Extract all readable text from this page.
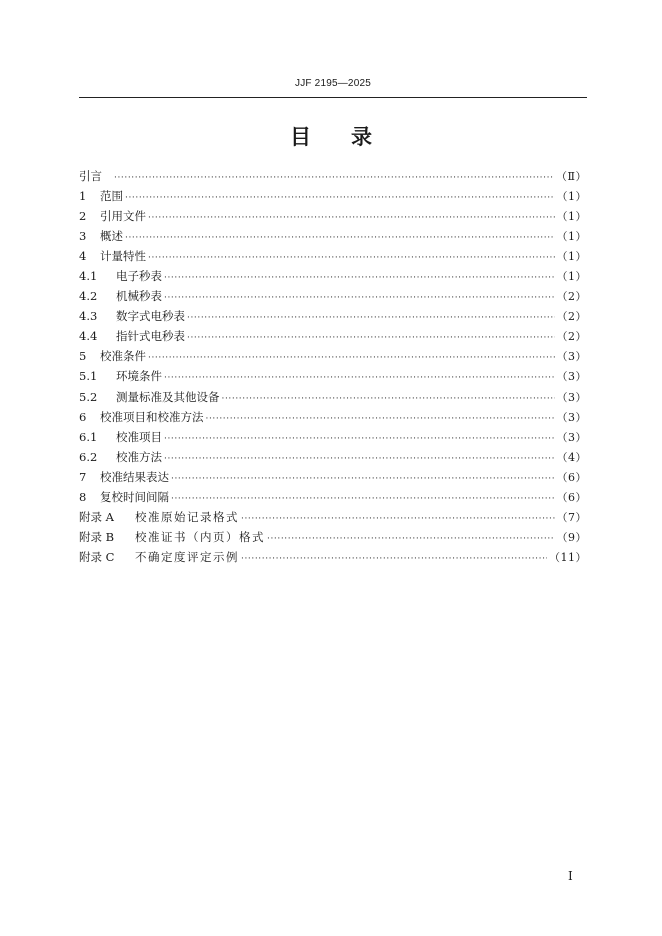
JJF 2195—2025
目 录
引言 ·····	（Ⅱ）
1	范围 ·····	（1）
2	引用文件 ·····	（1）
3	概述 ·····	（1）
4	计量特性 ·····	（1）
4.1	电子秒表 ·····	（1）
4.2	机械秒表 ·····	（2）
4.3	数字式电秒表 ·····	（2）
4.4	指针式电秒表 ·····	（2）
5	校准条件 ·····	（3）
5.1	环境条件 ·····	（3）
5.2	测量标准及其他设备 ·····	（3）
6	校准项目和校准方法 ·····	（3）
6.1	校准项目 ·····	（3）
6.2	校准方法 ·····	（4）
7	校准结果表达 ·····	（6）
8	复校时间间隔 ·····	（6）
附录 A	校准原始记录格式 ·····	（7）
附录 B	校准证书（内页）格式 ·····	（9）
附录 C	不确定度评定示例 ·····	（11）
I
